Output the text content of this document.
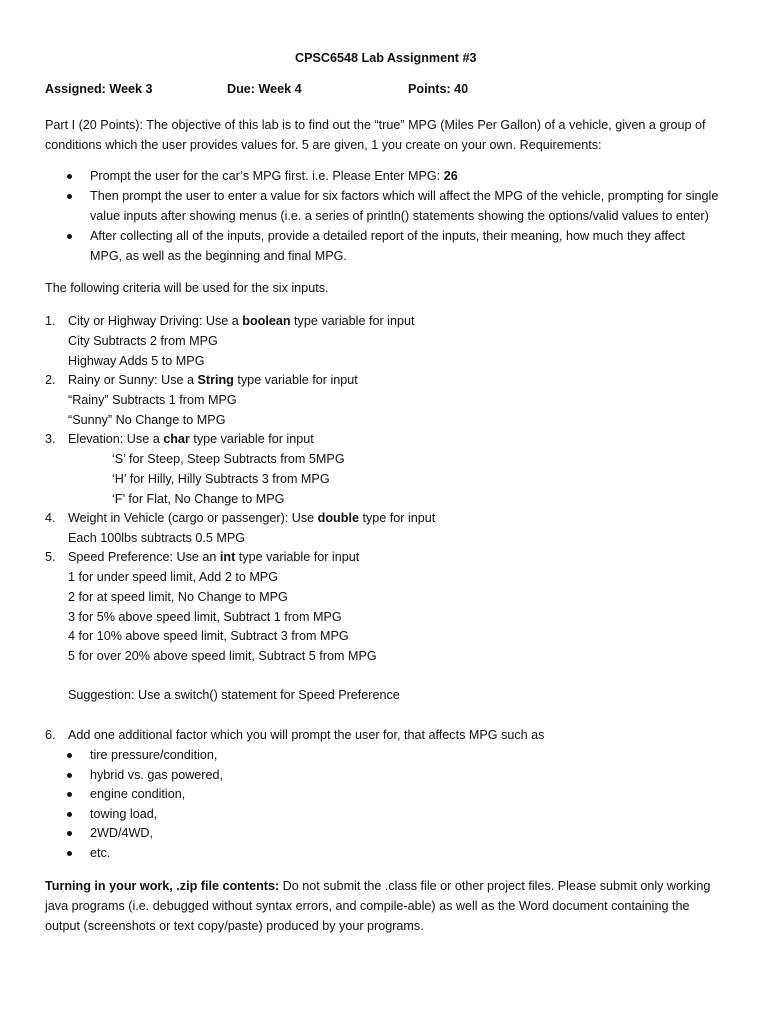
CPSC6548 Lab Assignment #3
Assigned: Week 3	Due: Week 4	Points: 40
Part I (20 Points): The objective of this lab is to find out the “true” MPG (Miles Per Gallon) of a vehicle, given a group of
conditions which the user provides values for. 5 are given, 1 you create on your own. Requirements:
Prompt the user for the car’s MPG first. i.e. Please Enter MPG: 26
Then prompt the user to enter a value for six factors which will affect the MPG of the vehicle, prompting for single
value inputs after showing menus (i.e. a series of println() statements showing the options/valid values to enter)
After collecting all of the inputs, provide a detailed report of the inputs, their meaning, how much they affect
MPG, as well as the beginning and final MPG.
The following criteria will be used for the six inputs.
1. City or Highway Driving: Use a boolean type variable for input
City Subtracts 2 from MPG
Highway Adds 5 to MPG
2. Rainy or Sunny: Use a String type variable for input
“Rainy” Subtracts 1 from MPG
“Sunny” No Change to MPG
3. Elevation: Use a char type variable for input
‘S’ for Steep, Steep Subtracts from 5MPG
‘H’ for Hilly, Hilly Subtracts 3 from MPG
‘F’ for Flat, No Change to MPG
4. Weight in Vehicle (cargo or passenger): Use double type for input
Each 100lbs subtracts 0.5 MPG
5. Speed Preference: Use an int type variable for input
1 for under speed limit, Add 2 to MPG
2 for at speed limit, No Change to MPG
3 for 5% above speed limit, Subtract 1 from MPG
4 for 10% above speed limit, Subtract 3 from MPG
5 for over 20% above speed limit, Subtract 5 from MPG
Suggestion: Use a switch() statement for Speed Preference
6. Add one additional factor which you will prompt the user for, that affects MPG such as
tire pressure/condition,
hybrid vs. gas powered,
engine condition,
towing load,
2WD/4WD,
etc.
Turning in your work, .zip file contents: Do not submit the .class file or other project files. Please submit only working
java programs (i.e. debugged without syntax errors, and compile-able) as well as the Word document containing the
output (screenshots or text copy/paste) produced by your programs.
